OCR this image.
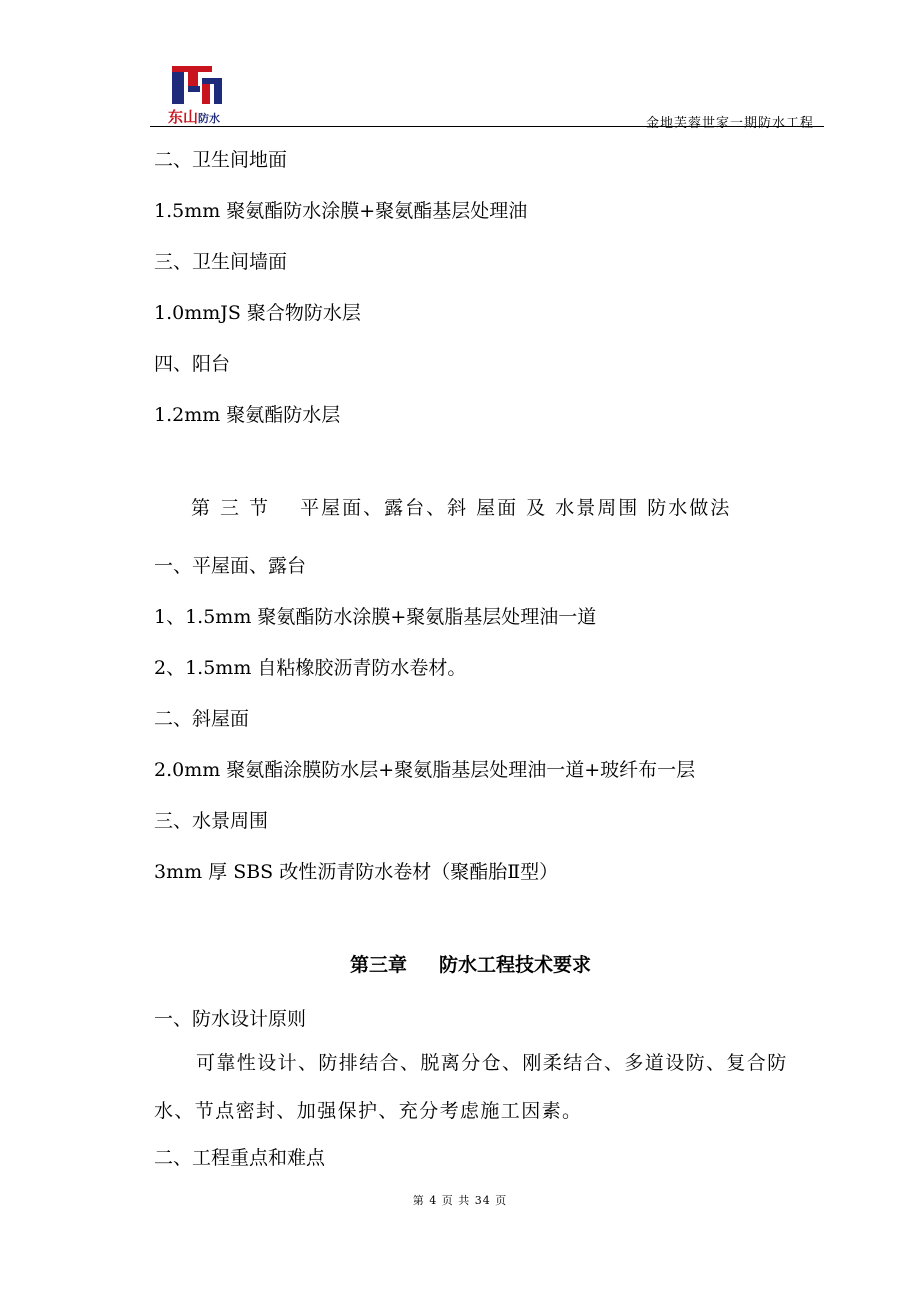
东山防水	金地芙蓉世家一期防水工程
二、卫生间地面
1.5mm 聚氨酯防水涂膜+聚氨酯基层处理油
三、卫生间墙面
1.0mmJS 聚合物防水层
四、阳台
1.2mm 聚氨酯防水层
第 三 节 平屋面、露台、斜 屋面 及 水景周围 防水做法
一、平屋面、露台
1、1.5mm 聚氨酯防水涂膜+聚氨脂基层处理油一道
2、1.5mm 自粘橡胶沥青防水卷材。
二、斜屋面
2.0mm 聚氨酯涂膜防水层+聚氨脂基层处理油一道+玻纤布一层
三、水景周围
3mm 厚 SBS 改性沥青防水卷材（聚酯胎Ⅱ型）
第三章 防水工程技术要求
一、防水设计原则
可靠性设计、防排结合、脱离分仓、刚柔结合、多道设防、复合防水、节点密封、加强保护、充分考虑施工因素。
二、工程重点和难点
第 4 页 共 34 页
